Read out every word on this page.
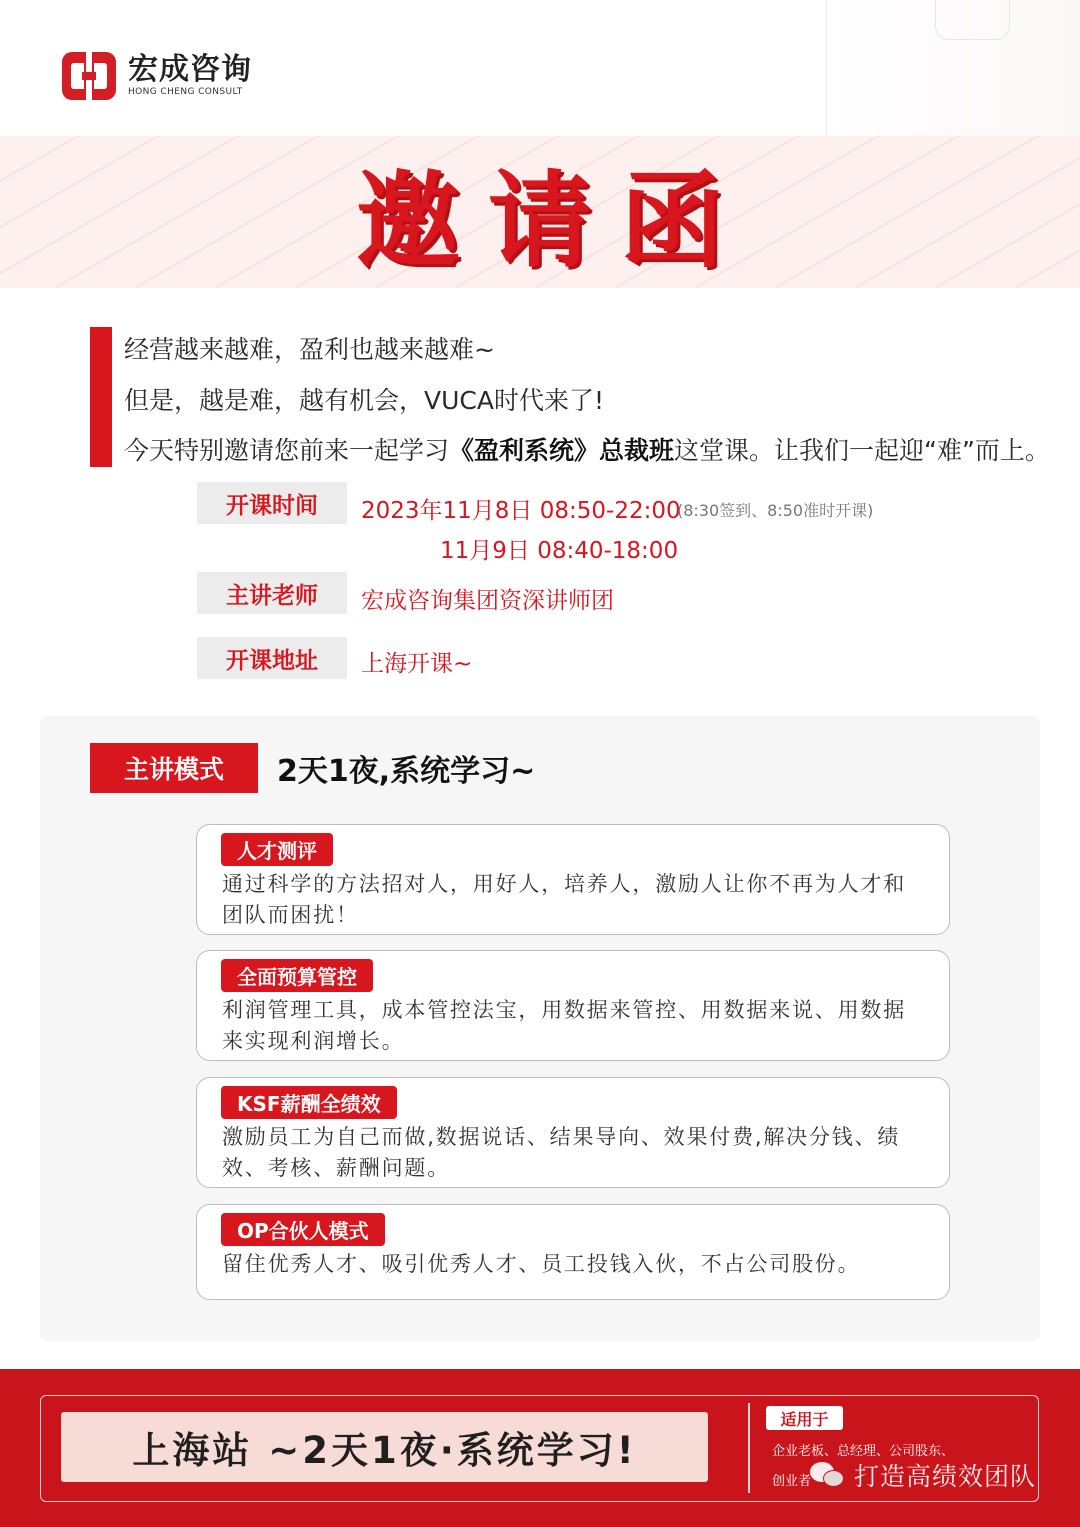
宏成咨询
HONG CHENG CONSULT
邀请函
经营越来越难，盈利也越来越难~
但是，越是难，越有机会，VUCA时代来了!
今天特别邀请您前来一起学习《盈利系统》总裁班这堂课。让我们一起迎“难”而上。
开课时间	2023年11月8日 08:50-22:00
(8:30签到、8:50准时开课)
11月9日 08:40-18:00
主讲老师	宏成咨询集团资深讲师团
开课地址	上海开课~
主讲模式	2天1夜,系统学习~
人才测评
通过科学的方法招对人，用好人，培养人，激励人让你不再为人才和团队而困扰！
全面预算管控
利润管理工具，成本管控法宝，用数据来管控、用数据来说、用数据来实现利润增长。
KSF薪酬全绩效
激励员工为自己而做,数据说话、结果导向、效果付费,解决分钱、绩效、考核、薪酬问题。
OP合伙人模式
留住优秀人才、吸引优秀人才、员工投钱入伙，不占公司股份。
上海站 ~2天1夜·系统学习!
适用于
企业老板、总经理、公司股东、
创业者 打造高绩效团队
